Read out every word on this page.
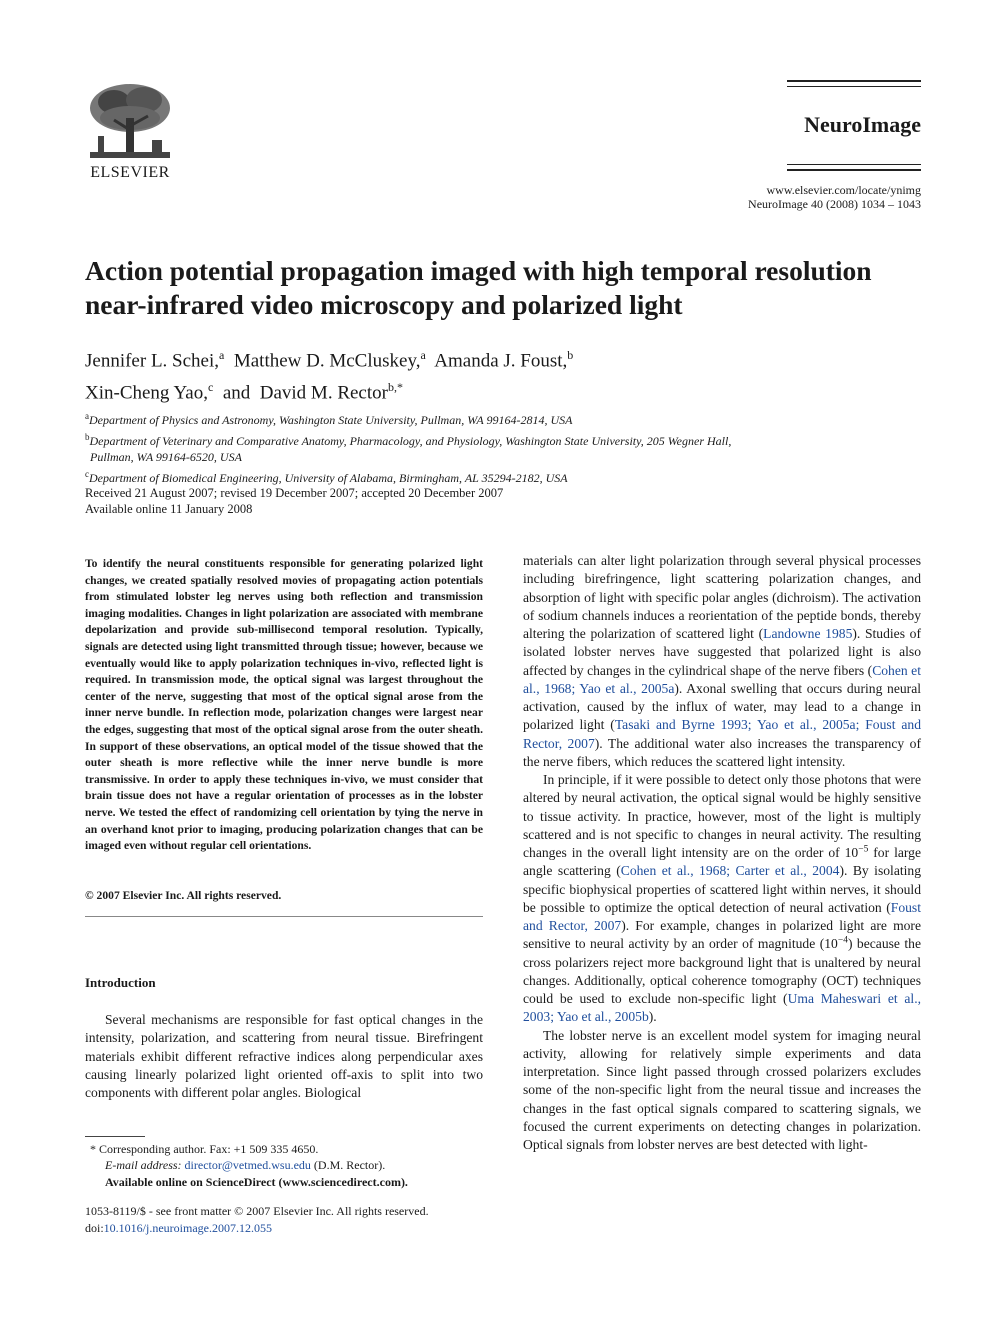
ELSEVIER
NeuroImage
www.elsevier.com/locate/ynimg
NeuroImage 40 (2008) 1034 – 1043
Action potential propagation imaged with high temporal resolution
near-infrared video microscopy and polarized light
Jennifer L. Schei,$^a$ Matthew D. McCluskey,$^a$ Amanda J. Foust,$^b$
Xin-Cheng Yao,$^c$ and David M. Rector$^{b,*}$
$^a$Department of Physics and Astronomy, Washington State University, Pullman, WA 99164-2814, USA
$^b$Department of Veterinary and Comparative Anatomy, Pharmacology, and Physiology, Washington State University, 205 Wegner Hall,
Pullman, WA 99164-6520, USA
$^c$Department of Biomedical Engineering, University of Alabama, Birmingham, AL 35294-2182, USA
Received 21 August 2007; revised 19 December 2007; accepted 20 December 2007
Available online 11 January 2008
To identify the neural constituents responsible for generating polarized light changes, we created spatially resolved movies of propagating action potentials from stimulated lobster leg nerves using both reflection and transmission imaging modalities. Changes in light polarization are associated with membrane depolarization and provide sub-millisecond temporal resolution. Typically, signals are detected using light transmitted through tissue; however, because we eventually would like to apply polarization techniques in-vivo, reflected light is required. In transmission mode, the optical signal was largest throughout the center of the nerve, suggesting that most of the optical signal arose from the inner nerve bundle. In reflection mode, polarization changes were largest near the edges, suggesting that most of the optical signal arose from the outer sheath. In support of these observations, an optical model of the tissue showed that the outer sheath is more reflective while the inner nerve bundle is more transmissive. In order to apply these techniques in-vivo, we must consider that brain tissue does not have a regular orientation of processes as in the lobster nerve. We tested the effect of randomizing cell orientation by tying the nerve in an overhand knot prior to imaging, producing polarization changes that can be imaged even without regular cell orientations.
© 2007 Elsevier Inc. All rights reserved.
Introduction
Several mechanisms are responsible for fast optical changes in the intensity, polarization, and scattering from neural tissue. Birefringent materials exhibit different refractive indices along perpendicular axes causing linearly polarized light oriented off-axis to split into two components with different polar angles. Biological
* Corresponding author. Fax: +1 509 335 4650.
E-mail address: director@vetmed.wsu.edu (D.M. Rector).
Available online on ScienceDirect (www.sciencedirect.com).
1053-8119/$ - see front matter © 2007 Elsevier Inc. All rights reserved.
doi:10.1016/j.neuroimage.2007.12.055

materials can alter light polarization through several physical processes including birefringence, light scattering polarization changes, and absorption of light with specific polar angles (dichroism). The activation of sodium channels induces a reorientation of the peptide bonds, thereby altering the polarization of scattered light (Landowne 1985). Studies of isolated lobster nerves have suggested that polarized light is also affected by changes in the cylindrical shape of the nerve fibers (Cohen et al., 1968; Yao et al., 2005a). Axonal swelling that occurs during neural activation, caused by the influx of water, may lead to a change in polarized light (Tasaki and Byrne 1993; Yao et al., 2005a; Foust and Rector, 2007). The additional water also increases the transparency of the nerve fibers, which reduces the scattered light intensity.

In principle, if it were possible to detect only those photons that were altered by neural activation, the optical signal would be highly sensitive to tissue activity. In practice, however, most of the light is multiply scattered and is not specific to changes in neural activity. The resulting changes in the overall light intensity are on the order of $10^{-5}$ for large angle scattering (Cohen et al., 1968; Carter et al., 2004). By isolating specific biophysical properties of scattered light within nerves, it should be possible to optimize the optical detection of neural activation (Foust and Rector, 2007). For example, changes in polarized light are more sensitive to neural activity by an order of magnitude $(10^{-4})$ because the cross polarizers reject more background light that is unaltered by neural changes. Additionally, optical coherence tomography (OCT) techniques could be used to exclude non-specific light (Uma Maheswari et al., 2003; Yao et al., 2005b).

The lobster nerve is an excellent model system for imaging neural activity, allowing for relatively simple experiments and data interpretation. Since light passed through crossed polarizers excludes some of the non-specific light from the neural tissue and increases the changes in the fast optical signals compared to scattering signals, we focused the current experiments on detecting changes in polarization. Optical signals from lobster nerves are best detected with light-
